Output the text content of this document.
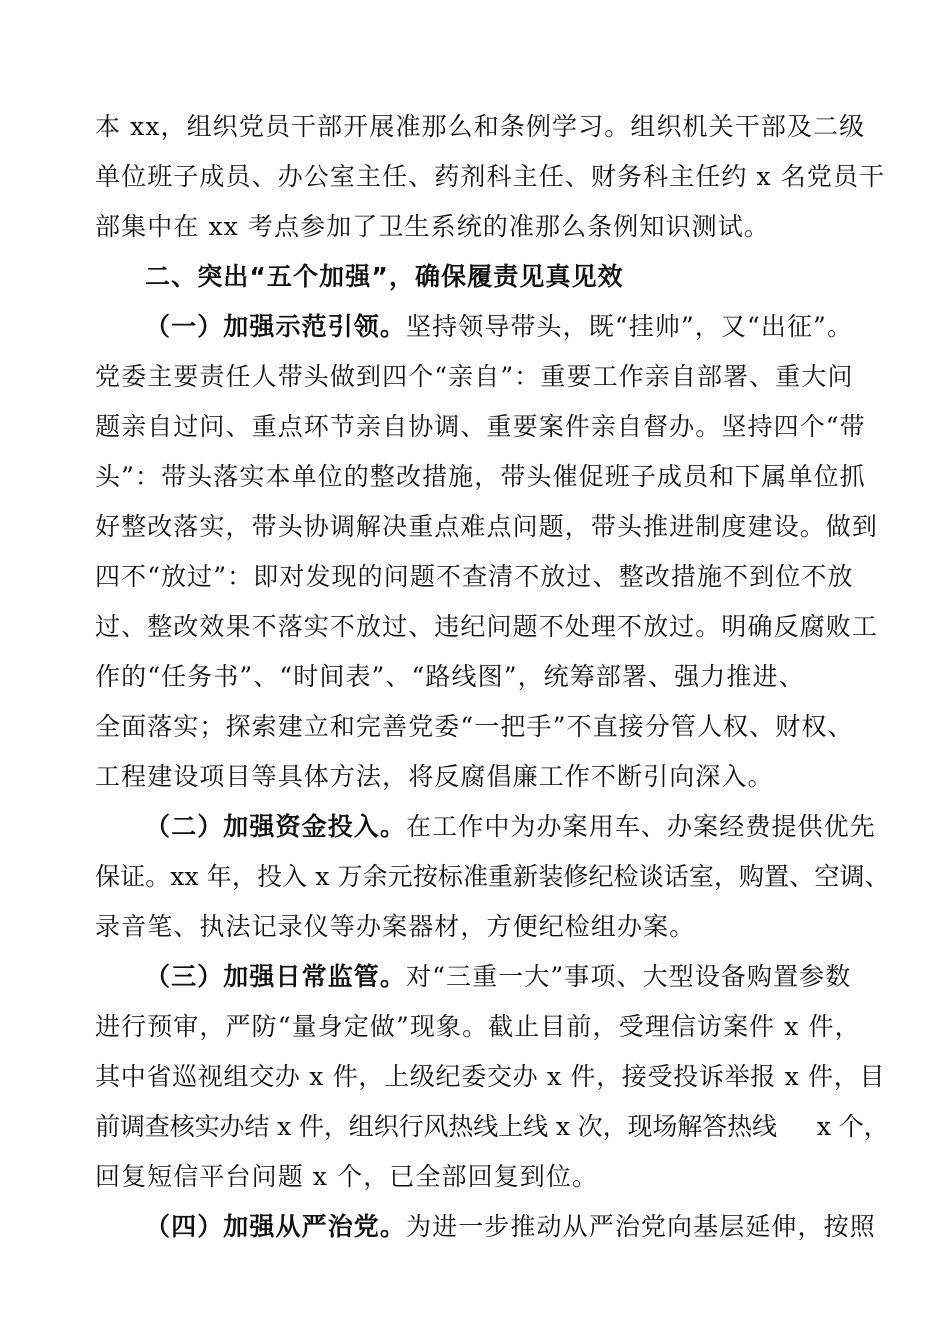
本 xx，组织党员干部开展准那么和条例学习。组织机关干部及二级
单位班子成员、办公室主任、药剂科主任、财务科主任约 x 名党员干
部集中在 xx 考点参加了卫生系统的准那么条例知识测试。
二、突出“五个加强”，确保履责见真见效
（一）加强示范引领。坚持领导带头，既“挂帅”，又“出征”。
党委主要责任人带头做到四个“亲自”：重要工作亲自部署、重大问
题亲自过问、重点环节亲自协调、重要案件亲自督办。坚持四个“带
头”：带头落实本单位的整改措施，带头催促班子成员和下属单位抓
好整改落实，带头协调解决重点难点问题，带头推进制度建设。做到
四不“放过”：即对发现的问题不查清不放过、整改措施不到位不放
过、整改效果不落实不放过、违纪问题不处理不放过。明确反腐败工
作的“任务书”、“时间表”、“路线图”，统筹部署、强力推进、
全面落实；探索建立和完善党委“一把手”不直接分管人权、财权、
工程建设项目等具体方法，将反腐倡廉工作不断引向深入。
（二）加强资金投入。在工作中为办案用车、办案经费提供优先
保证。xx 年，投入 x 万余元按标准重新装修纪检谈话室，购置、空调、
录音笔、执法记录仪等办案器材，方便纪检组办案。
（三）加强日常监管。对“三重一大”事项、大型设备购置参数
进行预审，严防“量身定做”现象。截止目前，受理信访案件 x 件，
其中省巡视组交办 x 件，上级纪委交办 x 件，接受投诉举报 x 件，目
前调查核实办结 x 件，组织行风热线上线 x 次，现场解答热线 x 个，
回复短信平台问题 x 个，已全部回复到位。
（四）加强从严治党。为进一步推动从严治党向基层延伸，按照
